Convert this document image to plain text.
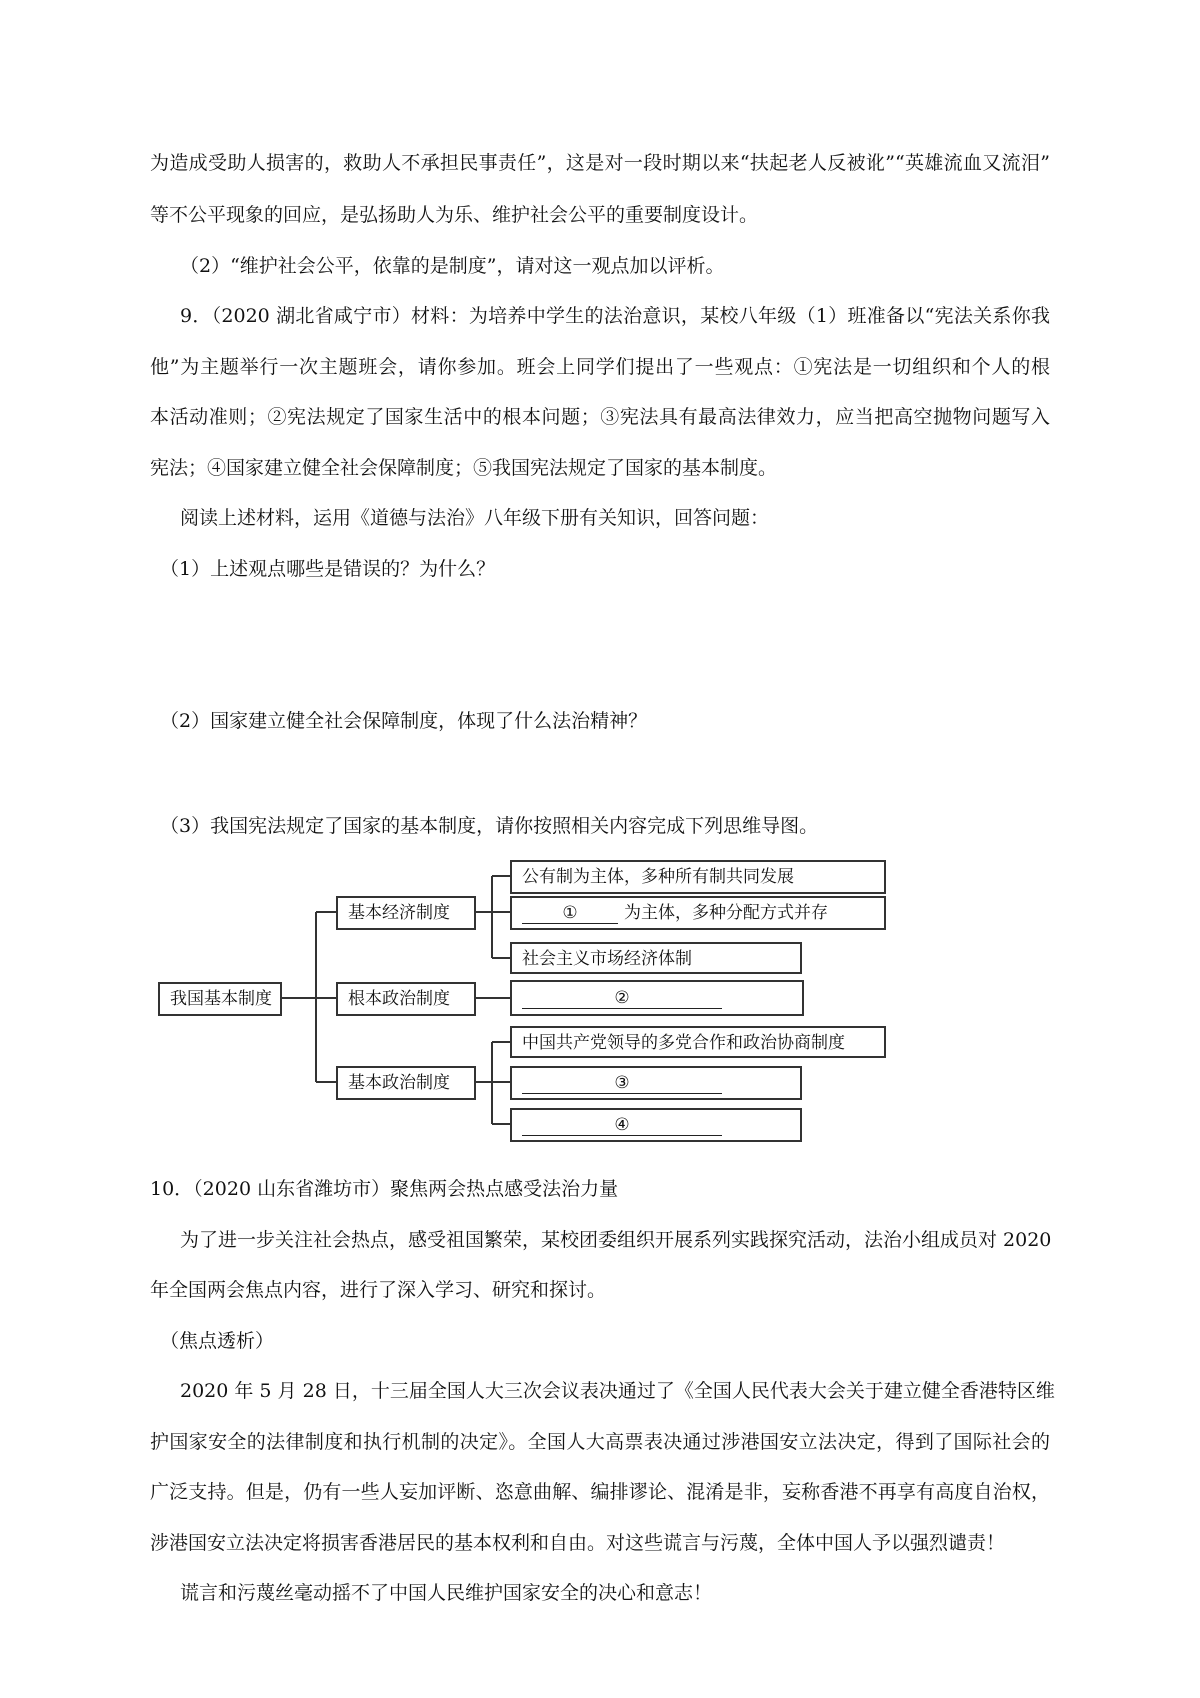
为造成受助人损害的，救助人不承担民事责任”，这是对一段时期以来“扶起老人反被讹”“英雄流血又流泪”
等不公平现象的回应，是弘扬助人为乐、维护社会公平的重要制度设计。
（2）“维护社会公平，依靠的是制度”，请对这一观点加以评析。
9．（2020 湖北省咸宁市）材料：为培养中学生的法治意识，某校八年级（1）班准备以“宪法关系你我
他”为主题举行一次主题班会，请你参加。班会上同学们提出了一些观点：①宪法是一切组织和个人的根
本活动准则；②宪法规定了国家生活中的根本问题；③宪法具有最高法律效力，应当把高空抛物问题写入
宪法；④国家建立健全社会保障制度；⑤我国宪法规定了国家的基本制度。
阅读上述材料，运用《道德与法治》八年级下册有关知识，回答问题：
（1）上述观点哪些是错误的？为什么？
（2）国家建立健全社会保障制度，体现了什么法治精神？
（3）我国宪法规定了国家的基本制度，请你按照相关内容完成下列思维导图。
我国基本制度
基本经济制度
根本政治制度
基本政治制度
公有制为主体，多种所有制共同发展
①	为主体，多种分配方式并存
社会主义市场经济体制
②
中国共产党领导的多党合作和政治协商制度
③
④
10．（2020 山东省潍坊市）聚焦两会热点感受法治力量
为了进一步关注社会热点，感受祖国繁荣，某校团委组织开展系列实践探究活动，法治小组成员对 2020
年全国两会焦点内容，进行了深入学习、研究和探讨。
（焦点透析）
2020 年 5 月 28 日，十三届全国人大三次会议表决通过了《全国人民代表大会关于建立健全香港特区维
护国家安全的法律制度和执行机制的决定》。全国人大高票表决通过涉港国安立法决定，得到了国际社会的
广泛支持。但是，仍有一些人妄加评断、恣意曲解、编排谬论、混淆是非，妄称香港不再享有高度自治权，
涉港国安立法决定将损害香港居民的基本权利和自由。对这些谎言与污蔑，全体中国人予以强烈谴责！
谎言和污蔑丝毫动摇不了中国人民维护国家安全的决心和意志！
